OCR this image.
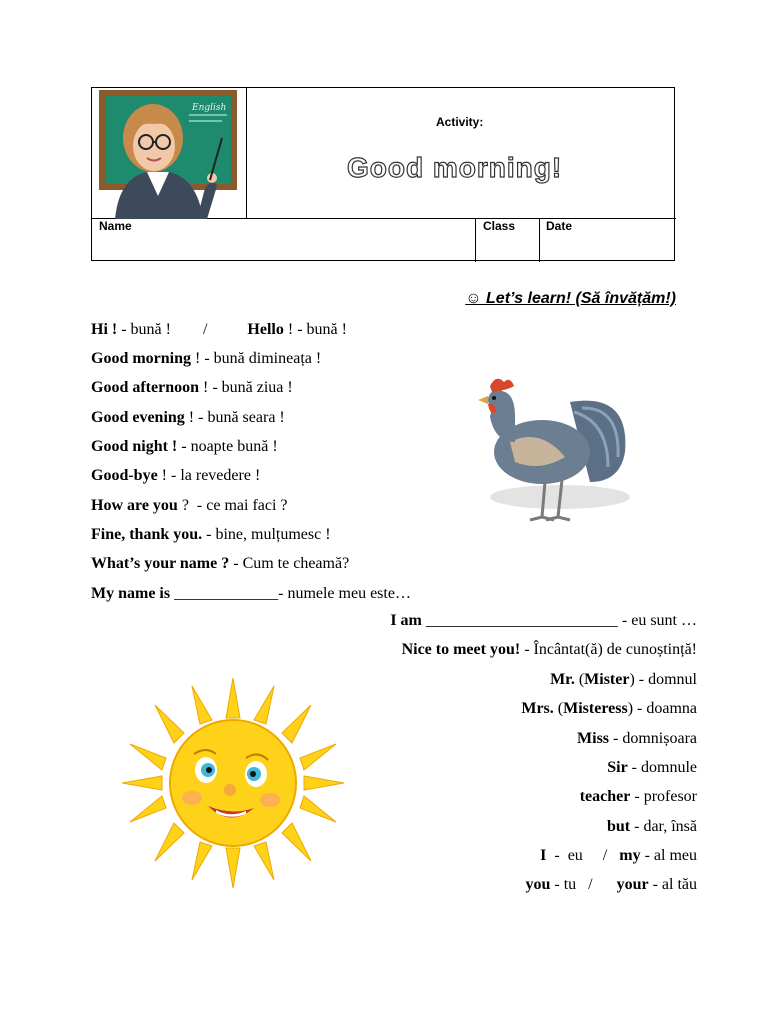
English
Activity:
Good morning!
Name	Class	Date
☺ Let’s learn! (Să învățăm!)
Hi ! - bună !        /          Hello ! - bună !
Good morning ! - bună dimineața !
Good afternoon ! - bună ziua !
Good evening ! - bună seara !
Good night ! - noapte bună !
Good-bye ! - la revedere !
How are you ?  - ce mai faci ?
Fine, thank you. - bine, mulțumesc !
What’s your name ? - Cum te cheamă?
My name is _____________- numele meu este…
I am ________________________ - eu sunt …
Nice to meet you! - Încântat(ă) de cunoștință!
Mr. (Mister) - domnul
Mrs. (Misteress) - doamna
Miss - domnișoara
Sir - domnule
teacher - profesor
but - dar, însă
I  -  eu     /   my - al meu
you - tu   /      your - al tău
